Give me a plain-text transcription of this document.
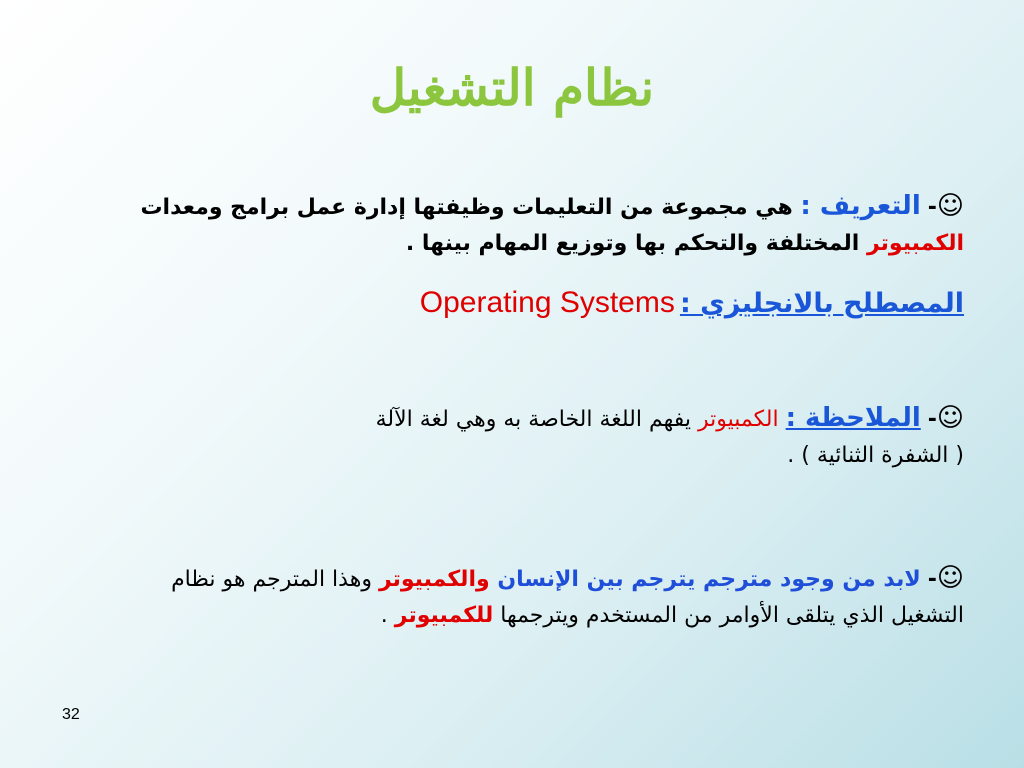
نظام التشغيل
☺- التعريف : هي مجموعة من التعليمات وظيفتها إدارة عمل برامج ومعدات الكمبيوتر المختلفة والتحكم بها وتوزيع المهام بينها .
المصطلح بالانجليزي : Operating Systems
☺- الملاحظة : الكمبيوتر يفهم اللغة الخاصة به وهي لغة الآلة
( الشفرة الثنائية ) .
☺- لابد من وجود مترجم يترجم بين الإنسان والكمبيوتر وهذا المترجم هو نظام التشغيل الذي يتلقى الأوامر من المستخدم ويترجمها للكمبيوتر .
32
